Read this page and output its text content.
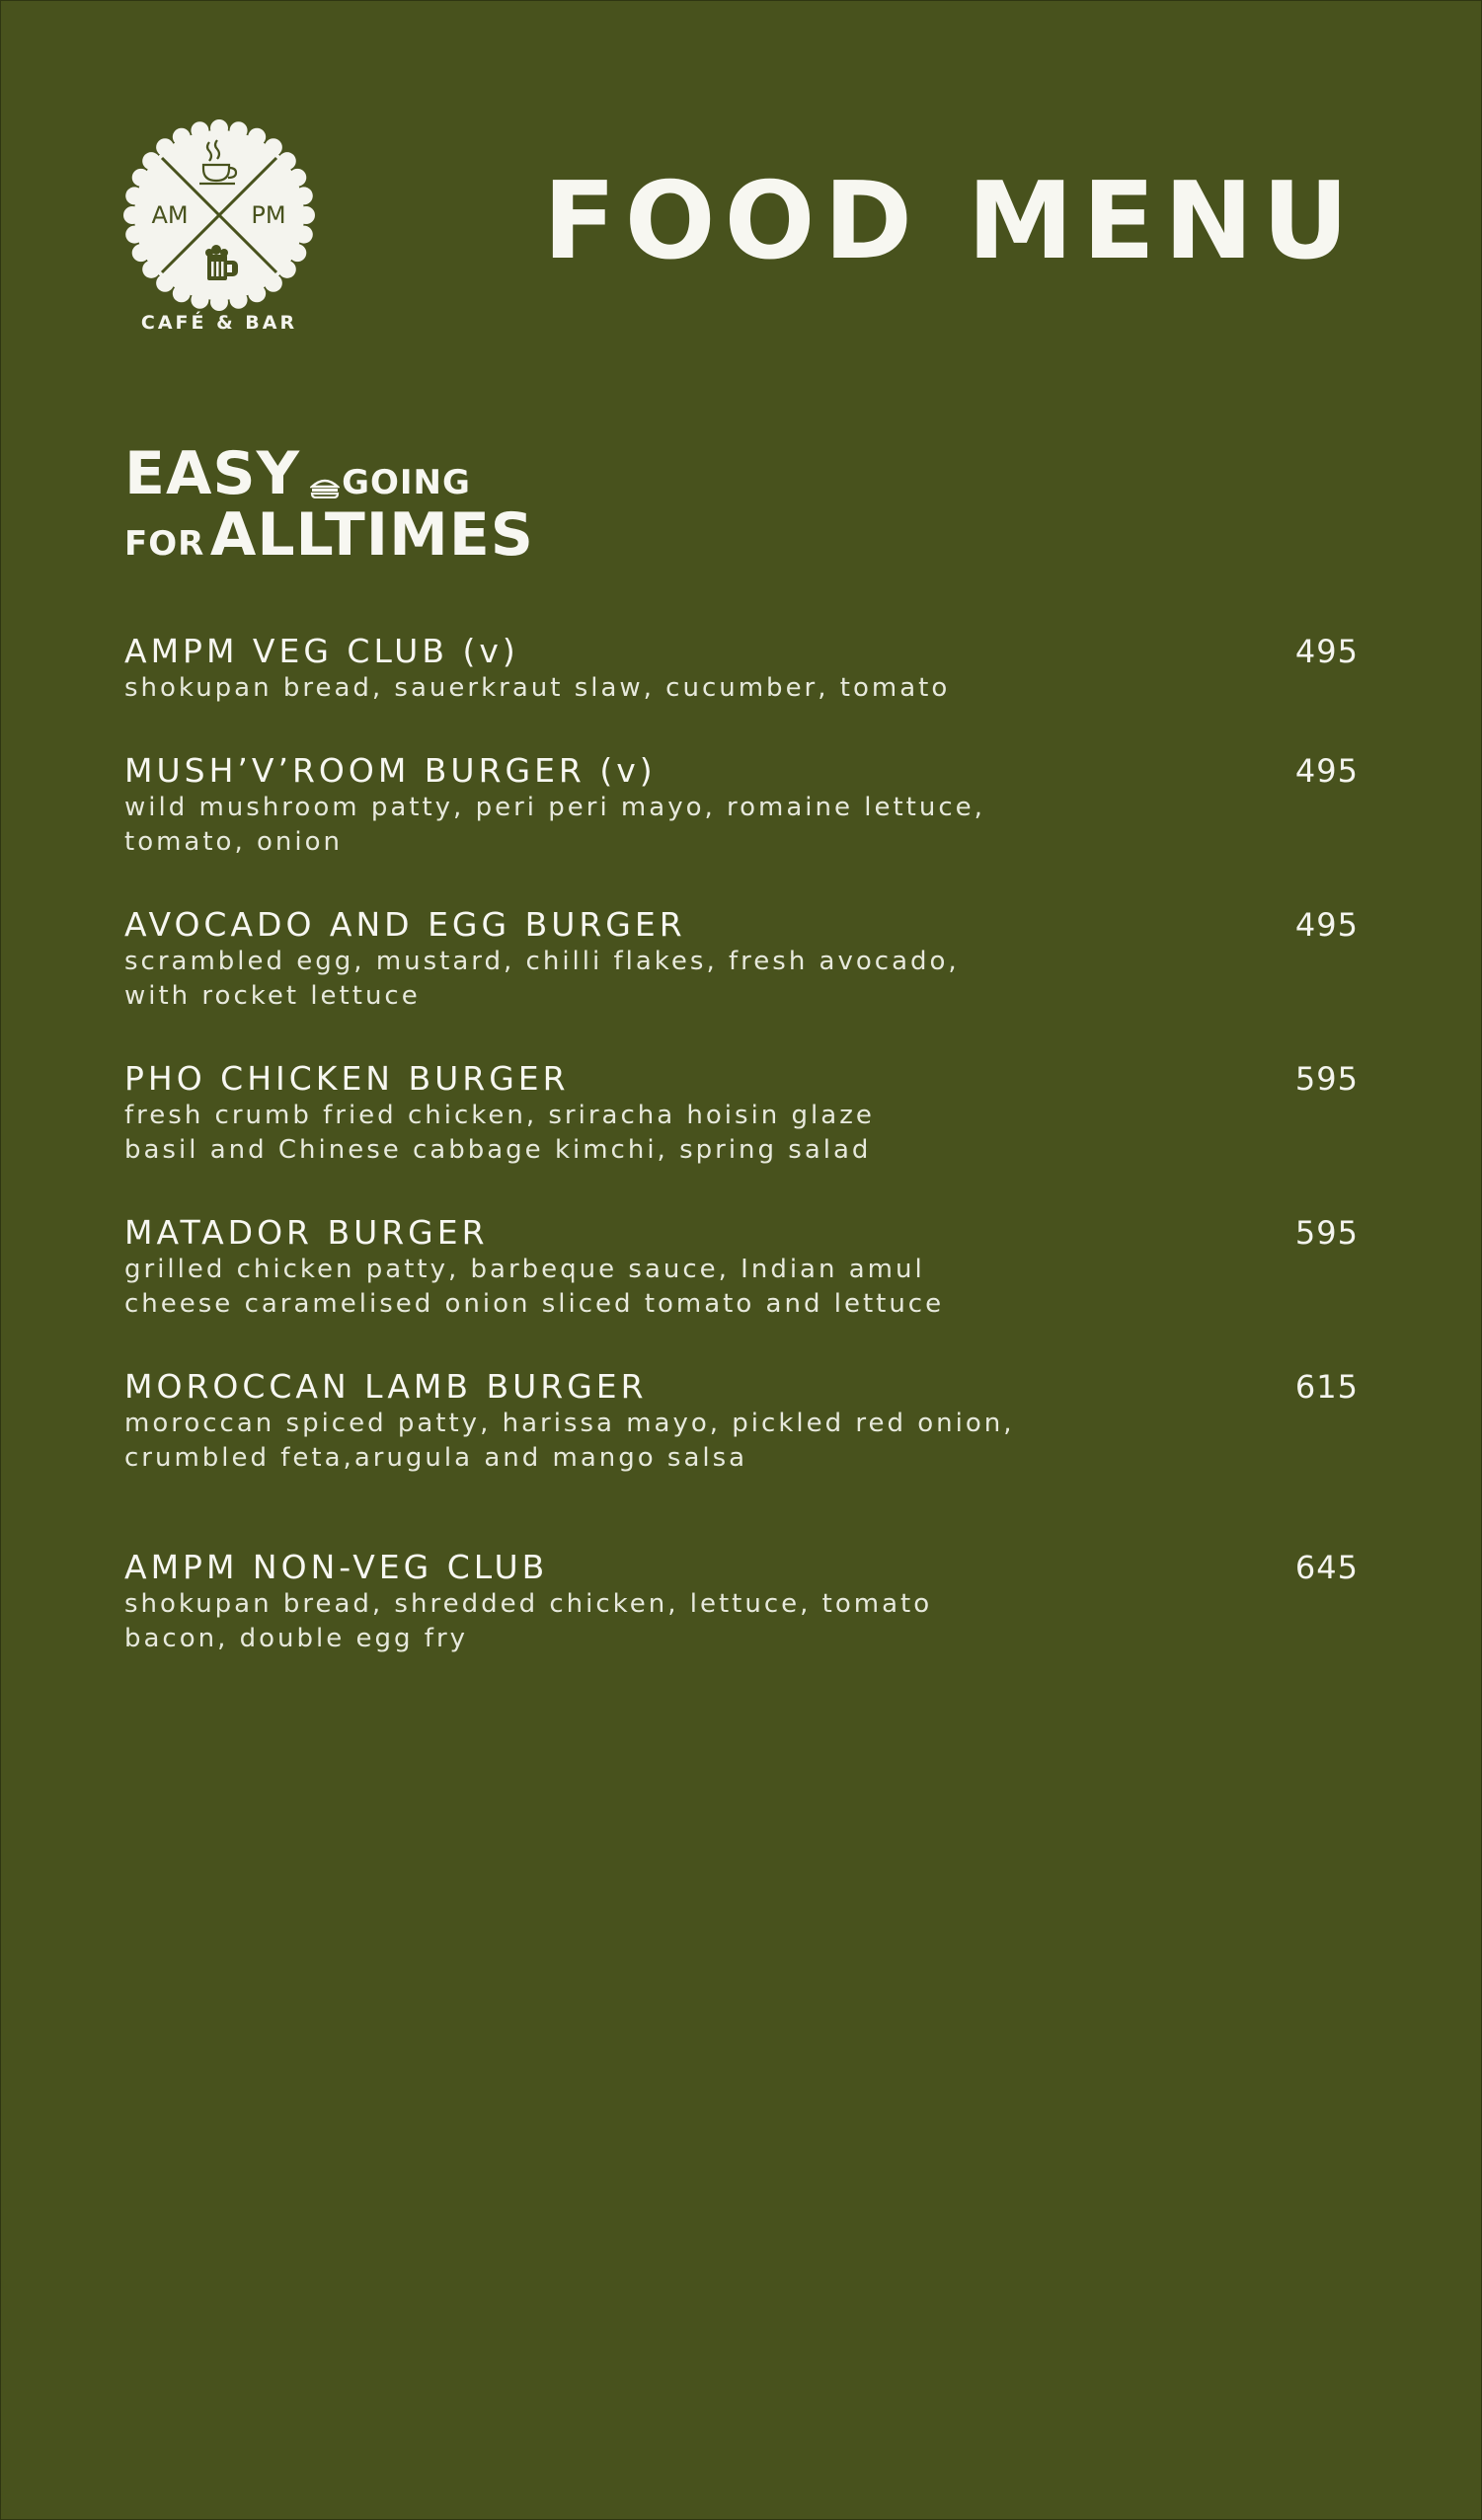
AM	PM
CAFÉ & BAR
FOOD MENU
EASY GOING
FOR ALLTIMES
AMPM VEG CLUB (v)	495
shokupan bread, sauerkraut slaw, cucumber, tomato
MUSH’V’ROOM BURGER (v)	495
wild mushroom patty, peri peri mayo, romaine lettuce,
tomato, onion
AVOCADO AND EGG BURGER	495
scrambled egg, mustard, chilli flakes, fresh avocado,
with rocket lettuce
PHO CHICKEN BURGER	595
fresh crumb fried chicken, sriracha hoisin glaze
basil and Chinese cabbage kimchi, spring salad
MATADOR BURGER	595
grilled chicken patty, barbeque sauce, Indian amul
cheese caramelised onion sliced tomato and lettuce
MOROCCAN LAMB BURGER	615
moroccan spiced patty, harissa mayo, pickled red onion,
crumbled feta,arugula and mango salsa
AMPM NON-VEG CLUB	645
shokupan bread, shredded chicken, lettuce, tomato
bacon, double egg fry
